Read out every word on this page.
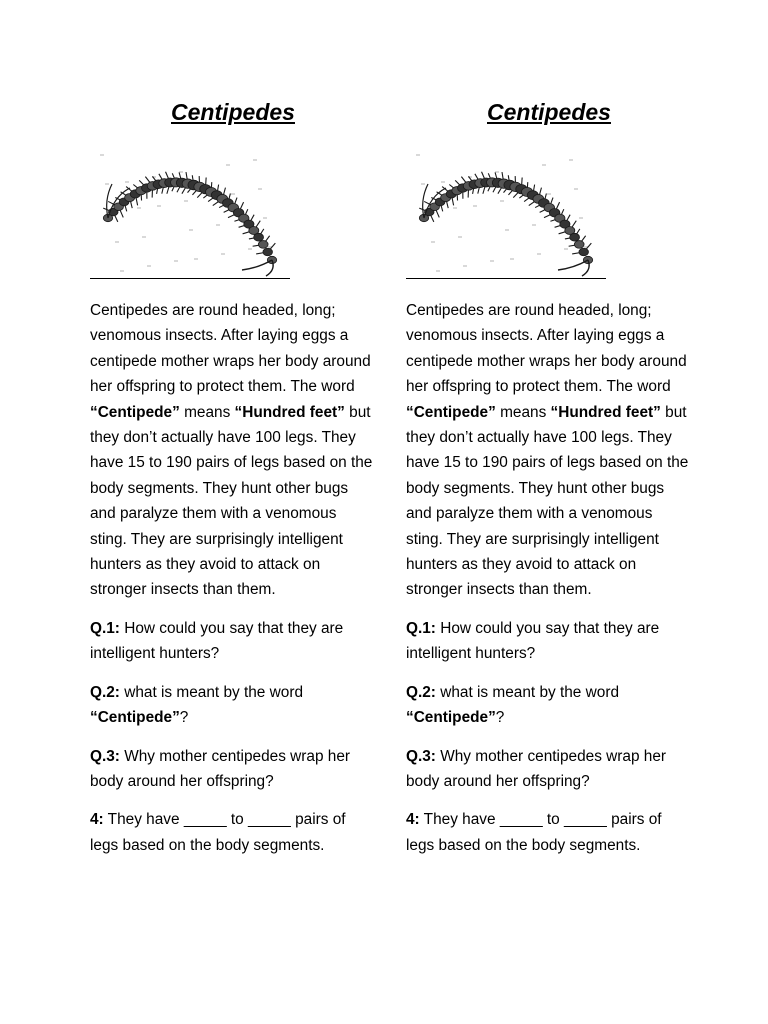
Centipedes

Centipedes are round headed, long; venomous insects. After laying eggs a centipede mother wraps her body around her offspring to protect them. The word “Centipede” means “Hundred feet” but they don’t actually have 100 legs. They have 15 to 190 pairs of legs based on the body segments. They hunt other bugs and paralyze them with a venomous sting. They are surprisingly intelligent hunters as they avoid to attack on stronger insects than them.

Q.1: How could you say that they are intelligent hunters?

Q.2: what is meant by the word “Centipede”?

Q.3: Why mother centipedes wrap her body around her offspring?

4: They have _____ to _____ pairs of legs based on the body segments.

Centipedes

Centipedes are round headed, long; venomous insects. After laying eggs a centipede mother wraps her body around her offspring to protect them. The word “Centipede” means “Hundred feet” but they don’t actually have 100 legs. They have 15 to 190 pairs of legs based on the body segments. They hunt other bugs and paralyze them with a venomous sting. They are surprisingly intelligent hunters as they avoid to attack on stronger insects than them.

Q.1: How could you say that they are intelligent hunters?

Q.2: what is meant by the word “Centipede”?

Q.3: Why mother centipedes wrap her body around her offspring?

4: They have _____ to _____ pairs of legs based on the body segments.
